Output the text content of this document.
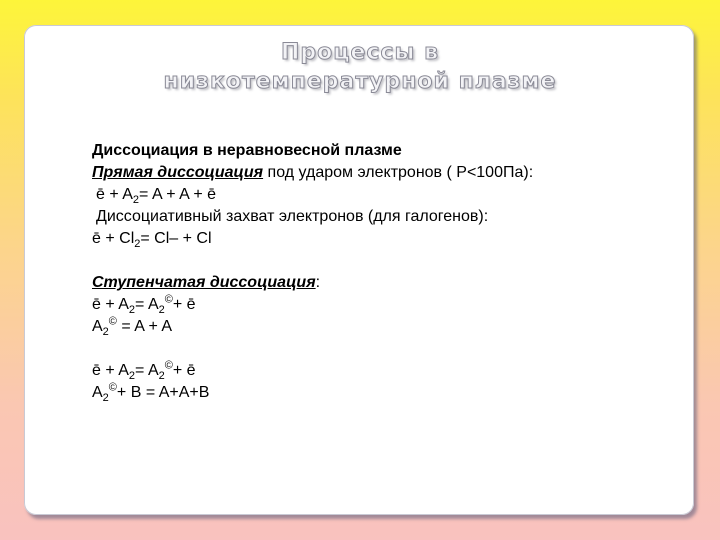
Процессы в
низкотемпературной плазме
Диссоциация в неравновесной плазме
Прямая диссоциация под ударом электронов ( P<100Па):
ē + $A_2= A + A$ + ē
Диссоциативный захват электронов (для галогенов):
ē + $Cl_2= Cl- + Cl$
Ступенчатая диссоциация:
ē + $A_2= A_2©+$ ē
$A_2© = A + A$
ē + $A_2= A_2©+$ ē
$A_2©+ B = A+A+B$
